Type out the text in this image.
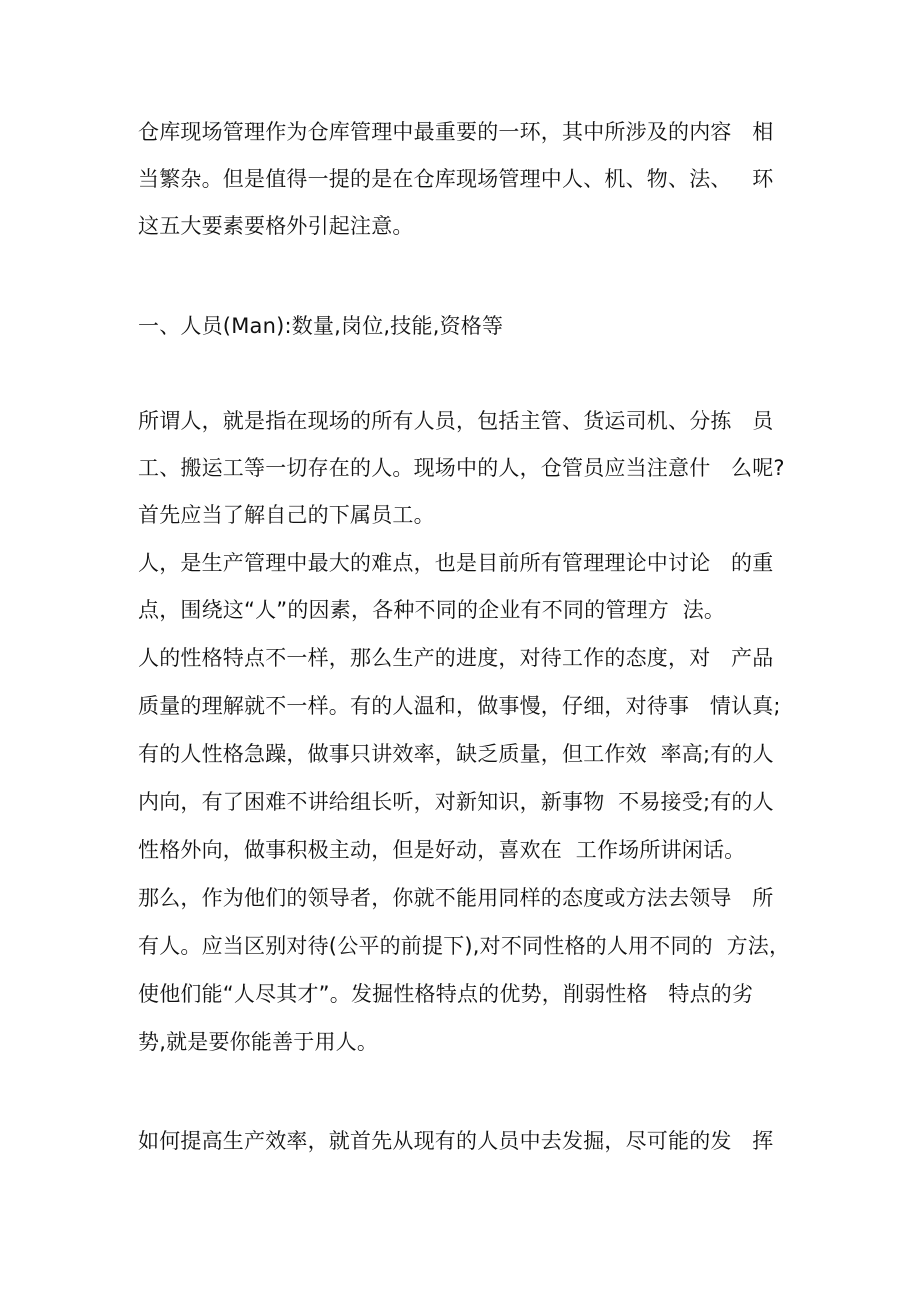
仓库现场管理作为仓库管理中最重要的一环，其中所涉及的内容   相
当繁杂。但是值得一提的是在仓库现场管理中人、机、物、法、   环
这五大要素要格外引起注意。
一、人员(Man):数量,岗位,技能,资格等
所谓人，就是指在现场的所有人员，包括主管、货运司机、分拣   员
工、搬运工等一切存在的人。现场中的人，仓管员应当注意什   么呢?
首先应当了解自己的下属员工。
人，是生产管理中最大的难点，也是目前所有管理理论中讨论   的重
点，围绕这“人”的因素，各种不同的企业有不同的管理方  法。
人的性格特点不一样，那么生产的进度，对待工作的态度，对   产品
质量的理解就不一样。有的人温和，做事慢，仔细，对待事   情认真;
有的人性格急躁，做事只讲效率，缺乏质量，但工作效  率高;有的人
内向，有了困难不讲给组长听，对新知识，新事物  不易接受;有的人
性格外向，做事积极主动，但是好动，喜欢在  工作场所讲闲话。
那么，作为他们的领导者，你就不能用同样的态度或方法去领导   所
有人。应当区别对待(公平的前提下),对不同性格的人用不同的  方法，
使他们能“人尽其才”。发掘性格特点的优势，削弱性格   特点的劣
势,就是要你能善于用人。
如何提高生产效率，就首先从现有的人员中去发掘，尽可能的发   挥
